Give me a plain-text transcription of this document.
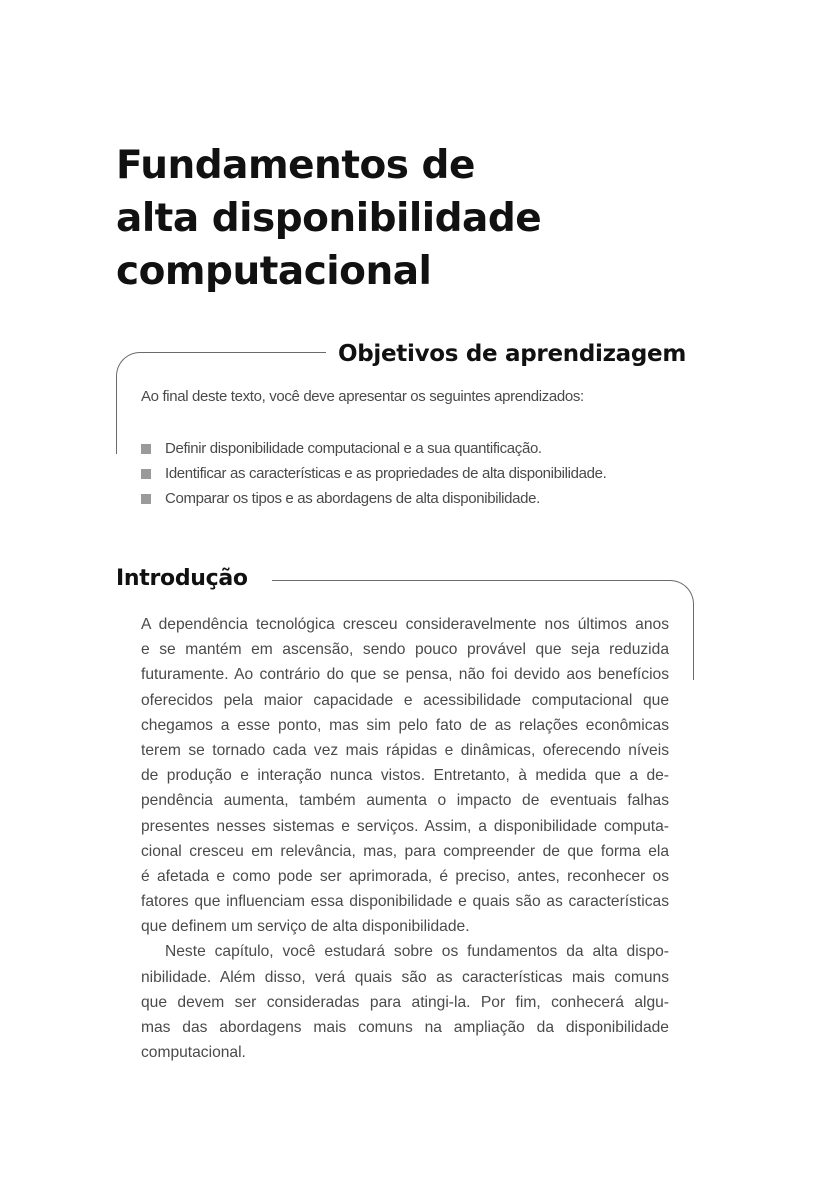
Fundamentos de
alta disponibilidade
computacional
Objetivos de aprendizagem

Ao final deste texto, você deve apresentar os seguintes aprendizados:

Definir disponibilidade computacional e a sua quantificação.
Identificar as características e as propriedades de alta disponibilidade.
Comparar os tipos e as abordagens de alta disponibilidade.
Introdução

A dependência tecnológica cresceu consideravelmente nos últimos anos
e se mantém em ascensão, sendo pouco provável que seja reduzida
futuramente. Ao contrário do que se pensa, não foi devido aos benefícios
oferecidos pela maior capacidade e acessibilidade computacional que
chegamos a esse ponto, mas sim pelo fato de as relações econômicas
terem se tornado cada vez mais rápidas e dinâmicas, oferecendo níveis
de produção e interação nunca vistos. Entretanto, à medida que a de-
pendência aumenta, também aumenta o impacto de eventuais falhas
presentes nesses sistemas e serviços. Assim, a disponibilidade computa-
cional cresceu em relevância, mas, para compreender de que forma ela
é afetada e como pode ser aprimorada, é preciso, antes, reconhecer os
fatores que influenciam essa disponibilidade e quais são as características
que definem um serviço de alta disponibilidade.

Neste capítulo, você estudará sobre os fundamentos da alta dispo-
nibilidade. Além disso, verá quais são as características mais comuns
que devem ser consideradas para atingi-la. Por fim, conhecerá algu-
mas das abordagens mais comuns na ampliação da disponibilidade
computacional.
